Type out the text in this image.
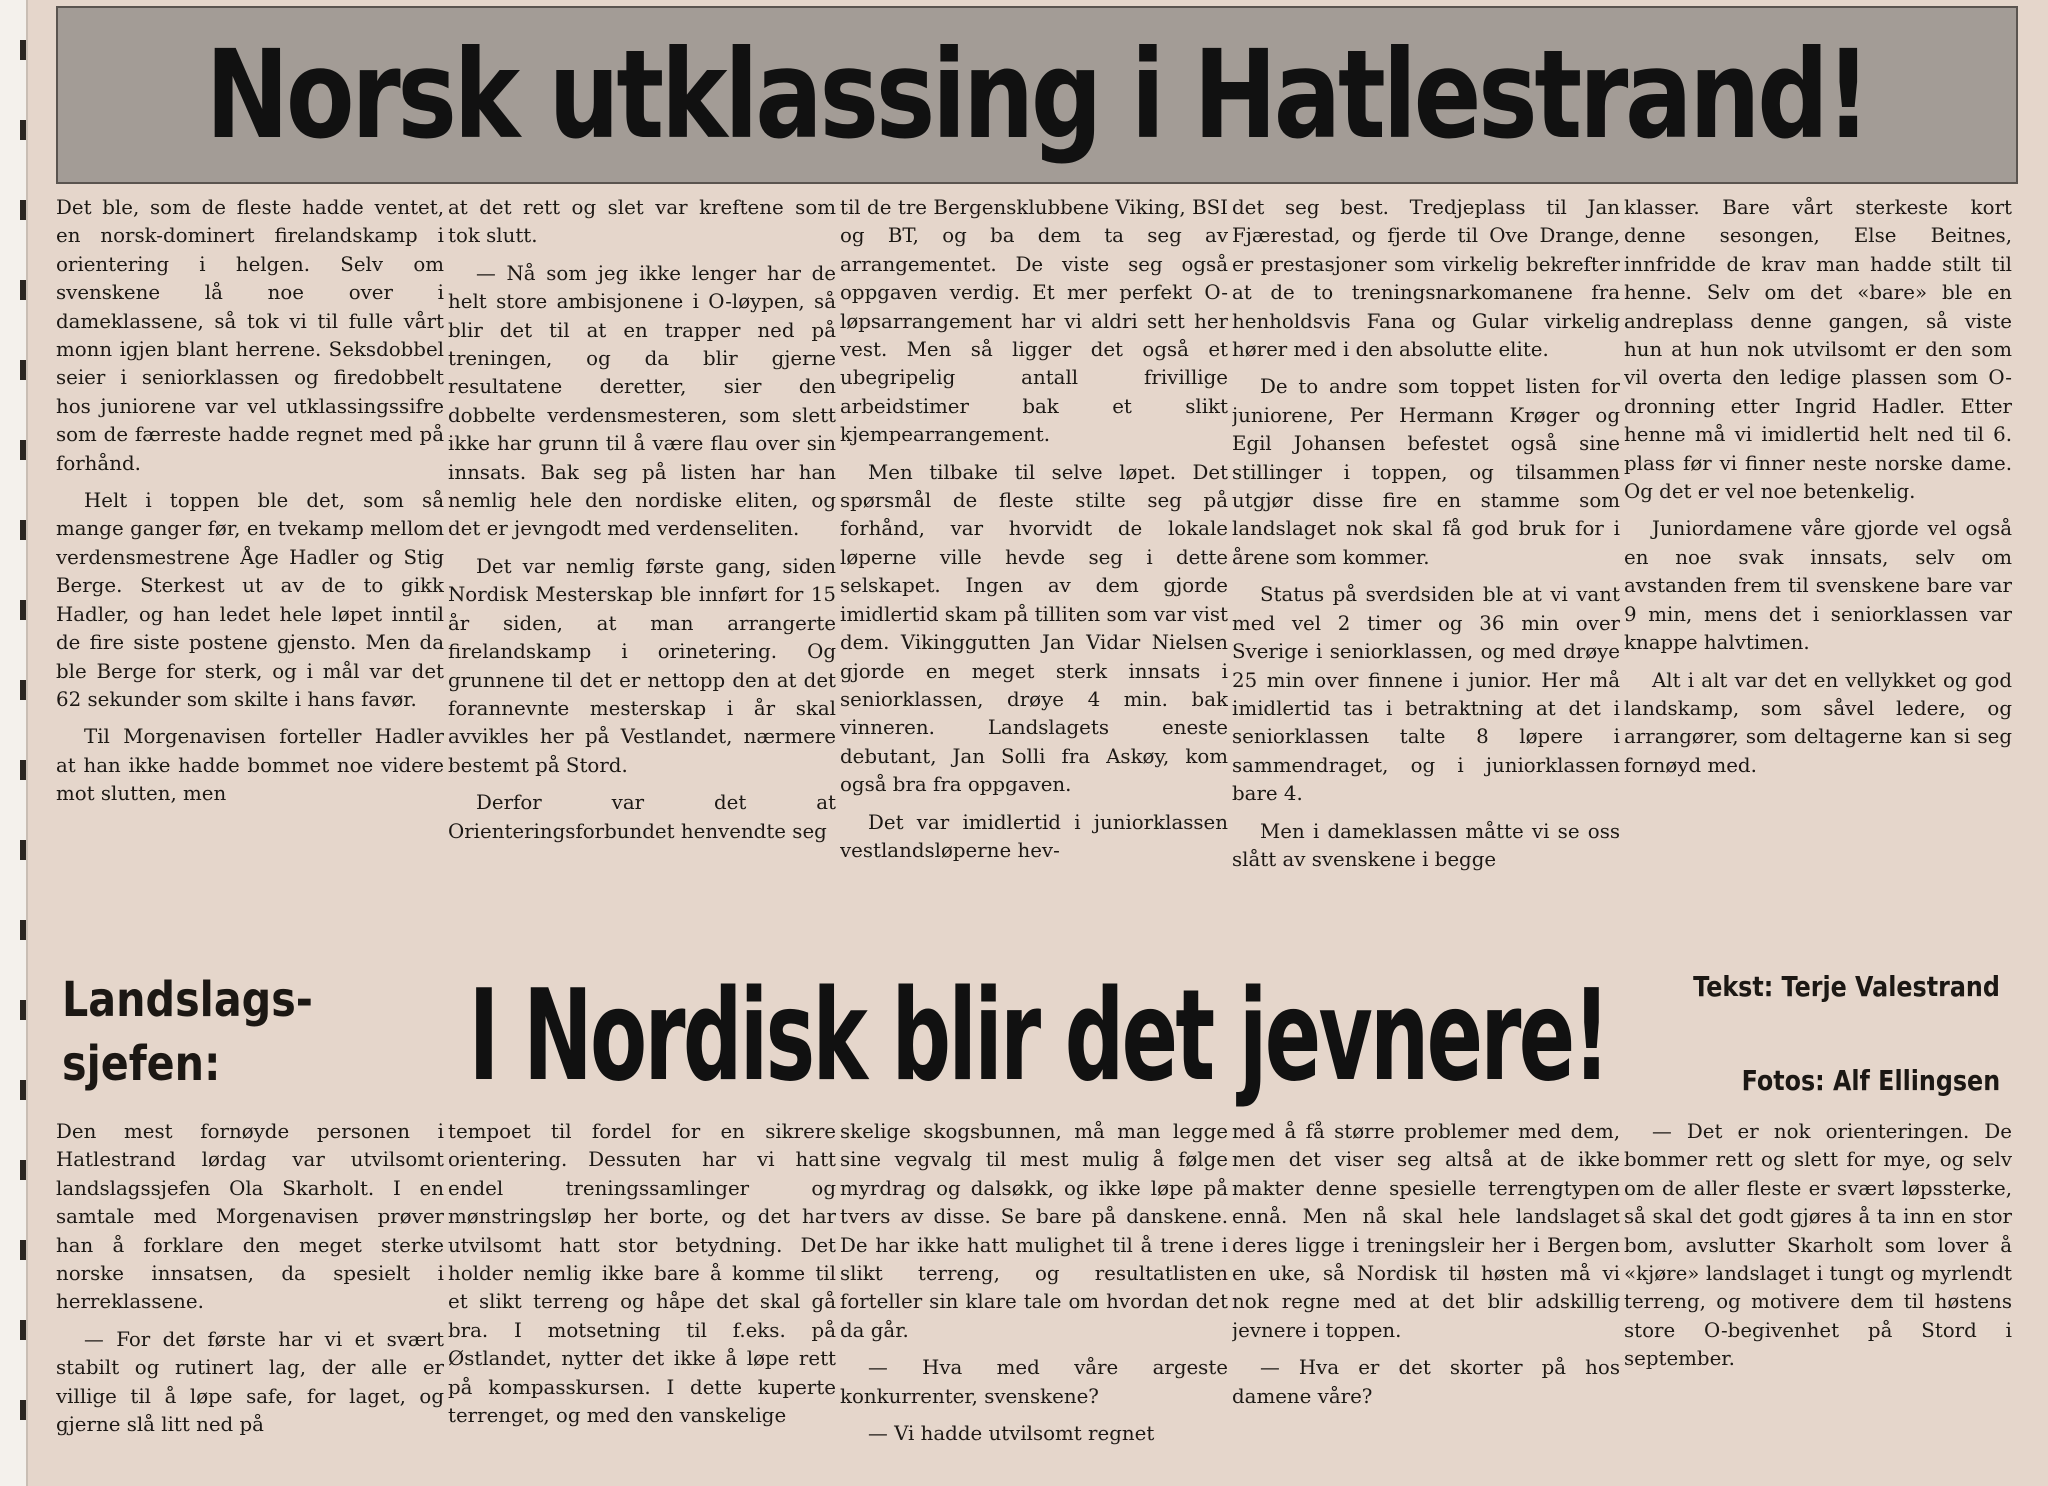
Norsk utklassing i Hatlestrand!

Det ble, som de fleste hadde ventet, en norsk-dominert firelandskamp i orientering i helgen. Selv om svenskene lå noe over i dameklassene, så tok vi til fulle vårt monn igjen blant herrene. Seksdobbel seier i seniorklassen og firedobbelt hos juniorene var vel utklassingssifre som de færreste hadde regnet med på forhånd.

Helt i toppen ble det, som så mange ganger før, en tvekamp mellom verdensmestrene Åge Hadler og Stig Berge. Sterkest ut av de to gikk Hadler, og han ledet hele løpet inntil de fire siste postene gjensto. Men da ble Berge for sterk, og i mål var det 62 sekunder som skilte i hans favør.

Til Morgenavisen forteller Hadler at han ikke hadde bommet noe videre mot slutten, men

at det rett og slet var kreftene som tok slutt.

— Nå som jeg ikke lenger har de helt store ambisjonene i O-løypen, så blir det til at en trapper ned på treningen, og da blir gjerne resultatene deretter, sier den dobbelte verdensmesteren, som slett ikke har grunn til å være flau over sin innsats. Bak seg på listen har han nemlig hele den nordiske eliten, og det er jevngodt med verdenseliten.

Det var nemlig første gang, siden Nordisk Mesterskap ble innført for 15 år siden, at man arrangerte firelandskamp i orinetering. Og grunnene til det er nettopp den at det forannevnte mesterskap i år skal avvikles her på Vestlandet, nærmere bestemt på Stord.

Derfor var det at Orienteringsforbundet henvendte seg

til de tre Bergensklubbene Viking, BSI og BT, og ba dem ta seg av arrangementet. De viste seg også oppgaven verdig. Et mer perfekt O-løpsarrangement har vi aldri sett her vest. Men så ligger det også et ubegripelig antall frivillige arbeidstimer bak et slikt kjempearrangement.

Men tilbake til selve løpet. Det spørsmål de fleste stilte seg på forhånd, var hvorvidt de lokale løperne ville hevde seg i dette selskapet. Ingen av dem gjorde imidlertid skam på tilliten som var vist dem. Vikinggutten Jan Vidar Nielsen gjorde en meget sterk innsats i seniorklassen, drøye 4 min. bak vinneren. Landslagets eneste debutant, Jan Solli fra Askøy, kom også bra fra oppgaven.

Det var imidlertid i juniorklassen vestlandsløperne hev-

det seg best. Tredjeplass til Jan Fjærestad, og fjerde til Ove Drange, er prestasjoner som virkelig bekrefter at de to treningsnarkomanene fra henholdsvis Fana og Gular virkelig hører med i den absolutte elite.

De to andre som toppet listen for juniorene, Per Hermann Krøger og Egil Johansen befestet også sine stillinger i toppen, og tilsammen utgjør disse fire en stamme som landslaget nok skal få god bruk for i årene som kommer.

Status på sverdsiden ble at vi vant med vel 2 timer og 36 min over Sverige i seniorklassen, og med drøye 25 min over finnene i junior. Her må imidlertid tas i betraktning at det i seniorklassen talte 8 løpere i sammendraget, og i juniorklassen bare 4.

Men i dameklassen måtte vi se oss slått av svenskene i begge

klasser. Bare vårt sterkeste kort denne sesongen, Else Beitnes, innfridde de krav man hadde stilt til henne. Selv om det «bare» ble en andreplass denne gangen, så viste hun at hun nok utvilsomt er den som vil overta den ledige plassen som O-dronning etter Ingrid Hadler. Etter henne må vi imidlertid helt ned til 6. plass før vi finner neste norske dame. Og det er vel noe betenkelig.

Juniordamene våre gjorde vel også en noe svak innsats, selv om avstanden frem til svenskene bare var 9 min, mens det i seniorklassen var knappe halvtimen.

Alt i alt var det en vellykket og god landskamp, som såvel ledere, og arrangører, som deltagerne kan si seg fornøyd med.

Landslags-sjefen:	I Nordisk blir det jevnere!	Tekst: Terje Valestrand
Fotos: Alf Ellingsen

Den mest fornøyde personen i Hatlestrand lørdag var utvilsomt landslagssjefen Ola Skarholt. I en samtale med Morgenavisen prøver han å forklare den meget sterke norske innsatsen, da spesielt i herreklassene.

— For det første har vi et svært stabilt og rutinert lag, der alle er villige til å løpe safe, for laget, og gjerne slå litt ned på

tempoet til fordel for en sikrere orientering. Dessuten har vi hatt endel treningssamlinger og mønstringsløp her borte, og det har utvilsomt hatt stor betydning. Det holder nemlig ikke bare å komme til et slikt terreng og håpe det skal gå bra. I motsetning til f.eks. på Østlandet, nytter det ikke å løpe rett på kompasskursen. I dette kuperte terrenget, og med den vanskelige

skelige skogsbunnen, må man legge sine vegvalg til mest mulig å følge myrdrag og dalsøkk, og ikke løpe på tvers av disse. Se bare på danskene. De har ikke hatt mulighet til å trene i slikt terreng, og resultatlisten forteller sin klare tale om hvordan det da går.

— Hva med våre argeste konkurrenter, svenskene?

— Vi hadde utvilsomt regnet

med å få større problemer med dem, men det viser seg altså at de ikke makter denne spesielle terrengtypen ennå. Men nå skal hele landslaget deres ligge i treningsleir her i Bergen en uke, så Nordisk til høsten må vi nok regne med at det blir adskillig jevnere i toppen.

— Hva er det skorter på hos damene våre?

— Det er nok orienteringen. De bommer rett og slett for mye, og selv om de aller fleste er svært løpssterke, så skal det godt gjøres å ta inn en stor bom, avslutter Skarholt som lover å «kjøre» landslaget i tungt og myrlendt terreng, og motivere dem til høstens store O-begivenhet på Stord i september.
